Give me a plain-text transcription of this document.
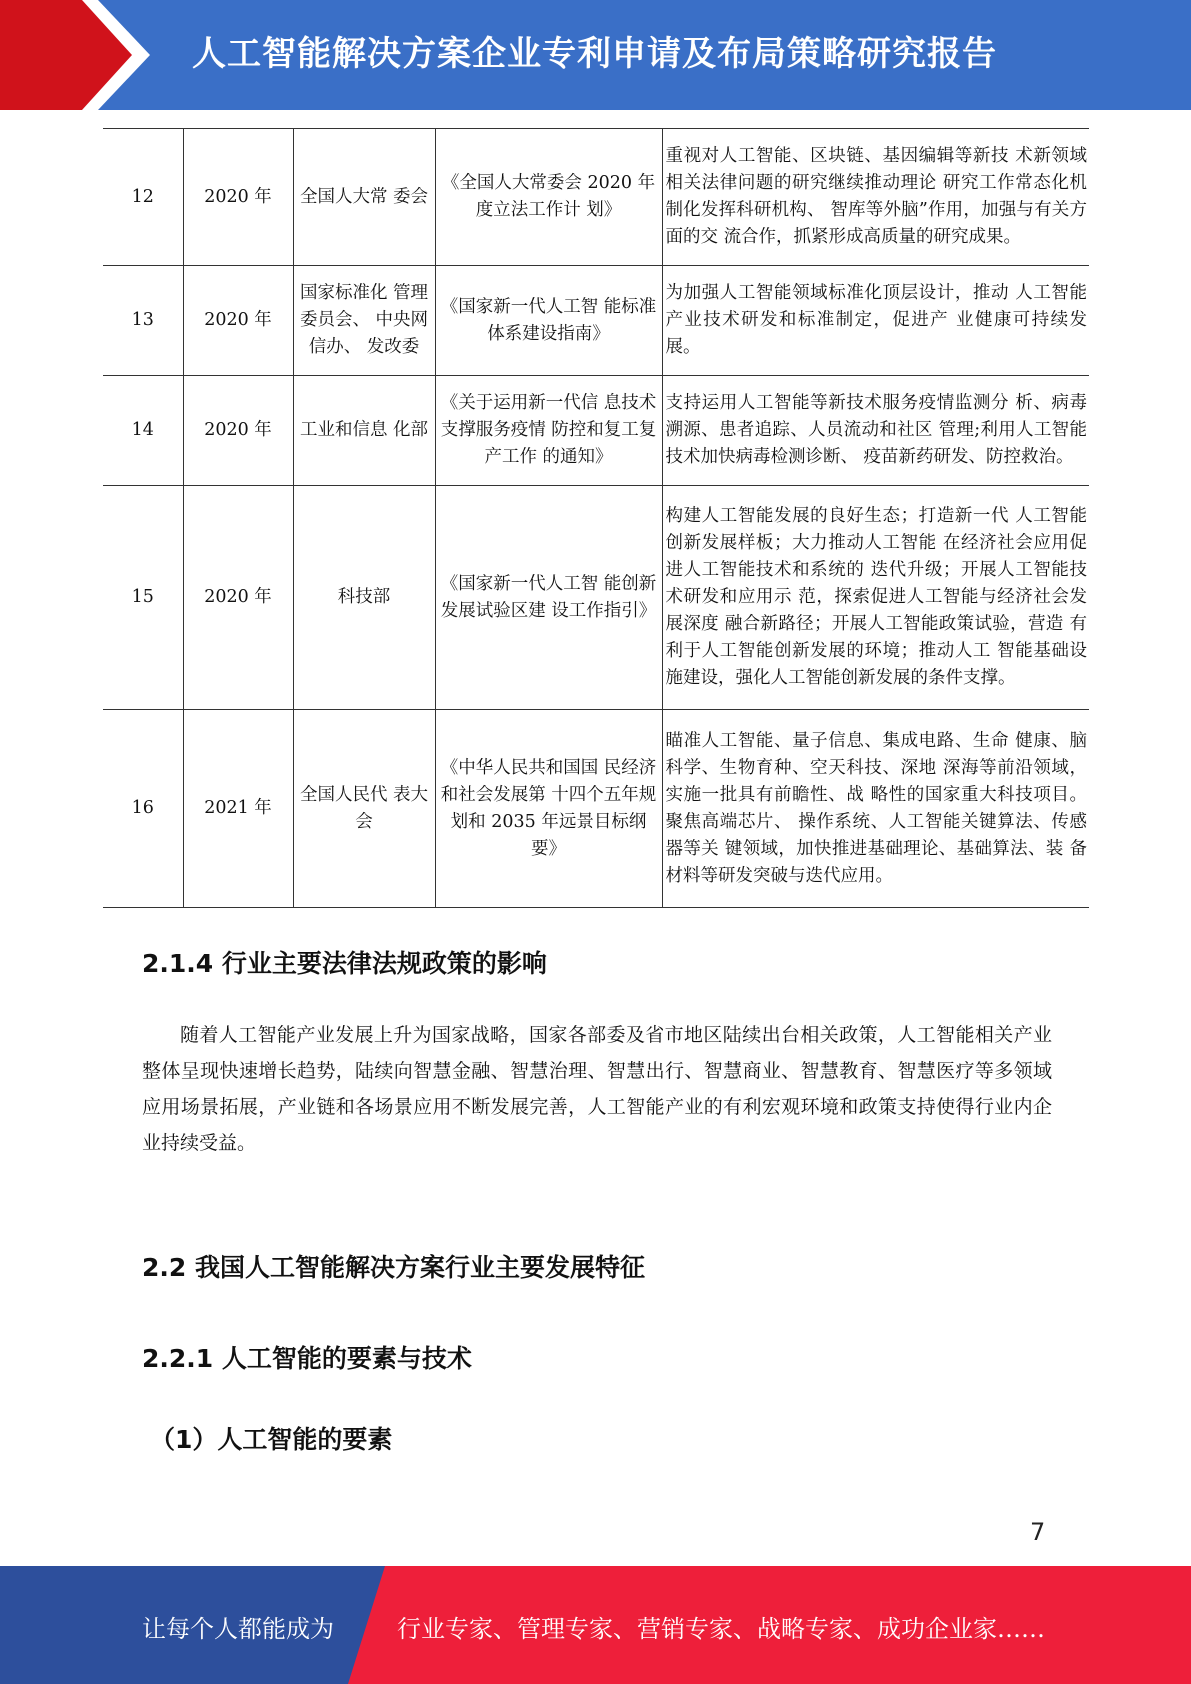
人工智能解决方案企业专利申请及布局策略研究报告
12	2020 年	全国人大常 委会	《全国人大常委会 2020 年度立法工作计 划》	重视对人工智能、区块链、基因编辑等新技 术新领域相关法律问题的研究继续推动理论 研究工作常态化机制化发挥科研机构、 智库等外脑”作用，加强与有关方面的交 流合作，抓紧形成高质量的研究成果。
13	2020 年	国家标准化 管理委员会、 中央网信办、 发改委	《国家新一代人工智 能标准体系建设指南》	为加强人工智能领域标准化顶层设计，推动 人工智能产业技术研发和标准制定，促进产 业健康可持续发展。
14	2020 年	工业和信息 化部	《关于运用新一代信 息技术支撑服务疫情 防控和复工复产工作 的通知》	支持运用人工智能等新技术服务疫情监测分 析、病毒溯源、患者追踪、人员流动和社区 管理;利用人工智能技术加快病毒检测诊断、 疫苗新药研发、防控救治。
15	2020 年	科技部	《国家新一代人工智 能创新发展试验区建 设工作指引》	构建人工智能发展的良好生态；打造新一代 人工智能创新发展样板；大力推动人工智能 在经济社会应用促进人工智能技术和系统的 迭代升级；开展人工智能技术研发和应用示 范，探索促进人工智能与经济社会发展深度 融合新路径；开展人工智能政策试验，营造 有利于人工智能创新发展的环境；推动人工 智能基础设施建设，强化人工智能创新发展的条件支撑。
16	2021 年	全国人民代 表大会	《中华人民共和国国 民经济和社会发展第 十四个五年规划和 2035 年远景目标纲要》	瞄准人工智能、量子信息、集成电路、生命 健康、脑科学、生物育种、空天科技、深地 深海等前沿领域，实施一批具有前瞻性、战 略性的国家重大科技项目。聚焦高端芯片、 操作系统、人工智能关键算法、传感器等关 键领域，加快推进基础理论、基础算法、装 备材料等研发突破与迭代应用。
2.1.4 行业主要法律法规政策的影响

随着人工智能产业发展上升为国家战略，国家各部委及省市地区陆续出台相关政策，人工智能相关产业整体呈现快速增长趋势，陆续向智慧金融、智慧治理、智慧出行、智慧商业、智慧教育、智慧医疗等多领域应用场景拓展，产业链和各场景应用不断发展完善，人工智能产业的有利宏观环境和政策支持使得行业内企业持续受益。

2.2 我国人工智能解决方案行业主要发展特征
2.2.1 人工智能的要素与技术
（1）人工智能的要素
7
让每个人都能成为	行业专家、管理专家、营销专家、战略专家、成功企业家……
